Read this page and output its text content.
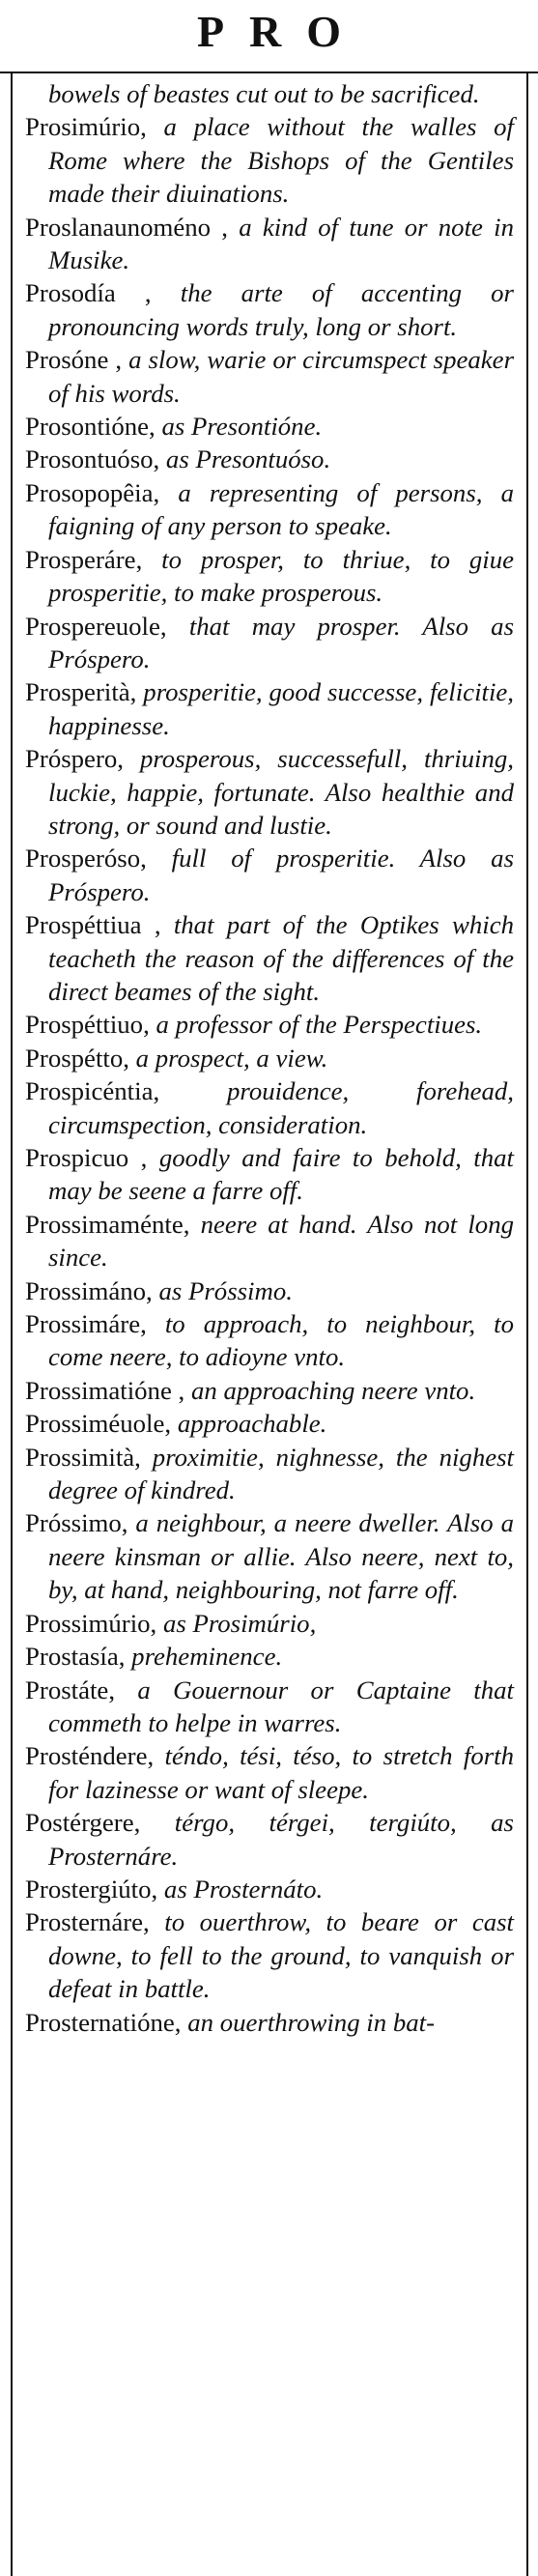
PRO
bowels of beastes cut out to be sacrificed.
Prosimúrio, a place without the walles of Rome where the Bishops of the Gentiles made their diuinations.
Proslanaunoméno , a kind of tune or note in Musike.
Prosodía , the arte of accenting or pronouncing words truly, long or short.
Prosóne , a slow, warie or circumspect speaker of his words.
Prosontióne, as Presontióne.
Prosontuóso, as Presontuóso.
Prosopopêia, a representing of persons, a faigning of any person to speake.
Prosperáre, to prosper, to thriue, to giue prosperitie, to make prosperous.
Prospereuole, that may prosper. Also as Próspero.
Prosperità, prosperitie, good successe, felicitie, happinesse.
Próspero, prosperous, successefull, thriuing, luckie, happie, fortunate. Also healthie and strong, or sound and lustie.
Prosperóso, full of prosperitie. Also as Próspero.
Prospéttiua , that part of the Optikes which teacheth the reason of the differences of the direct beames of the sight.
Prospéttiuo, a professor of the Perspectiues.
Prospétto, a prospect, a view.
Prospicéntia,	prouidence, forehead, circumspection, consideration.
Prospicuo , goodly and faire to behold, that may be seene a farre off.
Prossimaménte, neere at hand. Also not long since.
Prossimáno, as Próssimo.
Prossimáre, to approach, to neighbour, to come neere, to adioyne vnto.
Prossimatióne , an approaching neere vnto.
Prossiméuole, approachable.
Prossimità, proximitie, nighnesse, the nighest degree of kindred.
Próssimo, a neighbour, a neere dweller. Also a neere kinsman or allie. Also neere, next to, by, at hand, neighbouring, not farre off.
Prossimúrio, as Prosimúrio,
Prostasía, preheminence.
Prostáte, a Gouernour or Captaine that commeth to helpe in warres.
Prosténdere, téndo, tési, téso, to stretch forth for lazinesse or want of sleepe.
Postérgere, térgo, térgei, tergiúto, as Prosternáre.
Prostergiúto, as Prosternáto.
Prosternáre, to ouerthrow, to beare or cast downe, to fell to the ground, to vanquish or defeat in battle.
Prosternatióne, an ouerthrowing in bat-
